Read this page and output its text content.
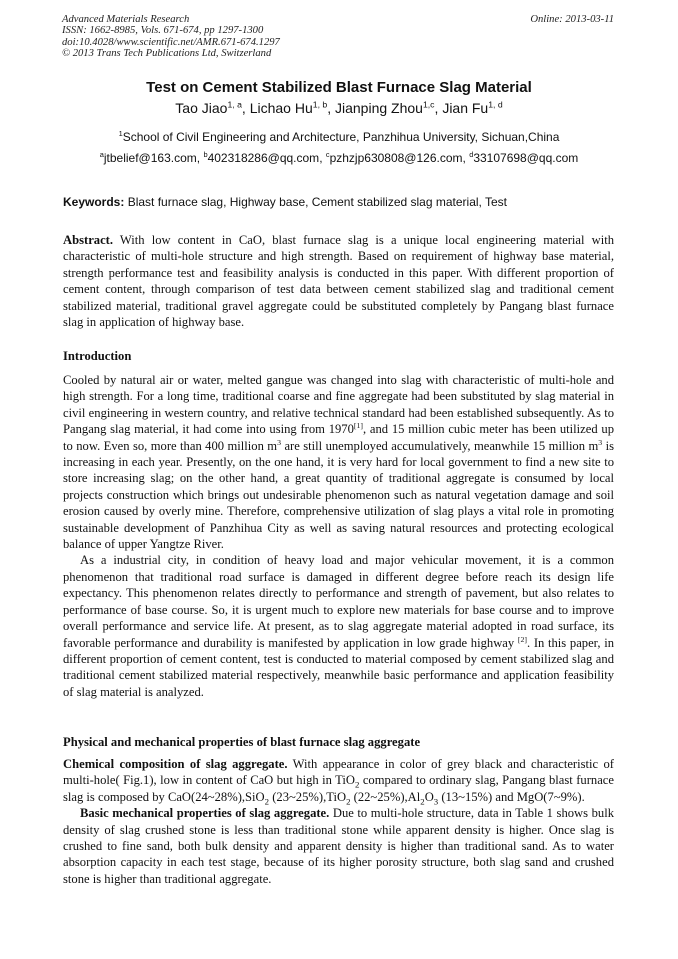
Advanced Materials Research
ISSN: 1662-8985, Vols. 671-674, pp 1297-1300
doi:10.4028/www.scientific.net/AMR.671-674.1297
© 2013 Trans Tech Publications Ltd, Switzerland
Online: 2013-03-11
Test on Cement Stabilized Blast Furnace Slag Material
Tao Jiao$^{1, a}$, Lichao Hu$^{1, b}$, Jianping Zhou$^{1,c}$, Jian Fu$^{1, d}$
$^1$School of Civil Engineering and Architecture, Panzhihua University, Sichuan,China
$^a$jtbelief@163.com, $^b$402318286@qq.com, $^c$pzhzjp630808@126.com, $^d$33107698@qq.com
Keywords: Blast furnace slag, Highway base, Cement stabilized slag material, Test

Abstract. With low content in CaO, blast furnace slag is a unique local engineering material with characteristic of multi-hole structure and high strength. Based on requirement of highway base material, strength performance test and feasibility analysis is conducted in this paper. With different proportion of cement content, through comparison of test data between cement stabilized slag and traditional cement stabilized material, traditional gravel aggregate could be substituted completely by Pangang blast furnace slag in application of highway base.

Introduction

Cooled by natural air or water, melted gangue was changed into slag with characteristic of multi-hole and high strength. For a long time, traditional coarse and fine aggregate had been substituted by slag material in civil engineering in western country, and relative technical standard had been established subsequently. As to Pangang slag material, it had come into using from 1970[1], and 15 million cubic meter has been utilized up to now. Even so, more than 400 million $m^3$ are still unemployed accumulatively, meanwhile 15 million $m^3$ is increasing in each year. Presently, on the one hand, it is very hard for local government to find a new site to store increasing slag; on the other hand, a great quantity of traditional aggregate is consumed by local projects construction which brings out undesirable phenomenon such as natural vegetation damage and soil erosion caused by overly mine. Therefore, comprehensive utilization of slag plays a vital role in promoting sustainable development of Panzhihua City as well as saving natural resources and protecting ecological balance of upper Yangtze River.

As a industrial city, in condition of heavy load and major vehicular movement, it is a common phenomenon that traditional road surface is damaged in different degree before reach its design life expectancy. This phenomenon relates directly to performance and strength of pavement, but also relates to performance of base course. So, it is urgent much to explore new materials for base course and to improve overall performance and service life. At present, as to slag aggregate material adopted in road surface, its favorable performance and durability is manifested by application in low grade highway [2]. In this paper, in different proportion of cement content, test is conducted to material composed by cement stabilized slag and traditional cement stabilized material respectively, meanwhile basic performance and application feasibility of slag material is analyzed.

Physical and mechanical properties of blast furnace slag aggregate

Chemical composition of slag aggregate. With appearance in color of grey black and characteristic of multi-hole( Fig.1), low in content of CaO but high in TiO$_2$ compared to ordinary slag, Pangang blast furnace slag is composed by CaO(24~28%),SiO$_2$ (23~25%),TiO$_2$ $(22\sim 25\%),Al_2O_3$ (13~15%) and MgO(7~9%).

Basic mechanical properties of slag aggregate. Due to multi-hole structure, data in Table 1 shows bulk density of slag crushed stone is less than traditional stone while apparent density is higher. Once slag is crushed to fine sand, both bulk density and apparent density is higher than traditional sand. As to water absorption capacity in each test stage, because of its higher porosity structure, both slag sand and crushed stone is higher than traditional aggregate.
